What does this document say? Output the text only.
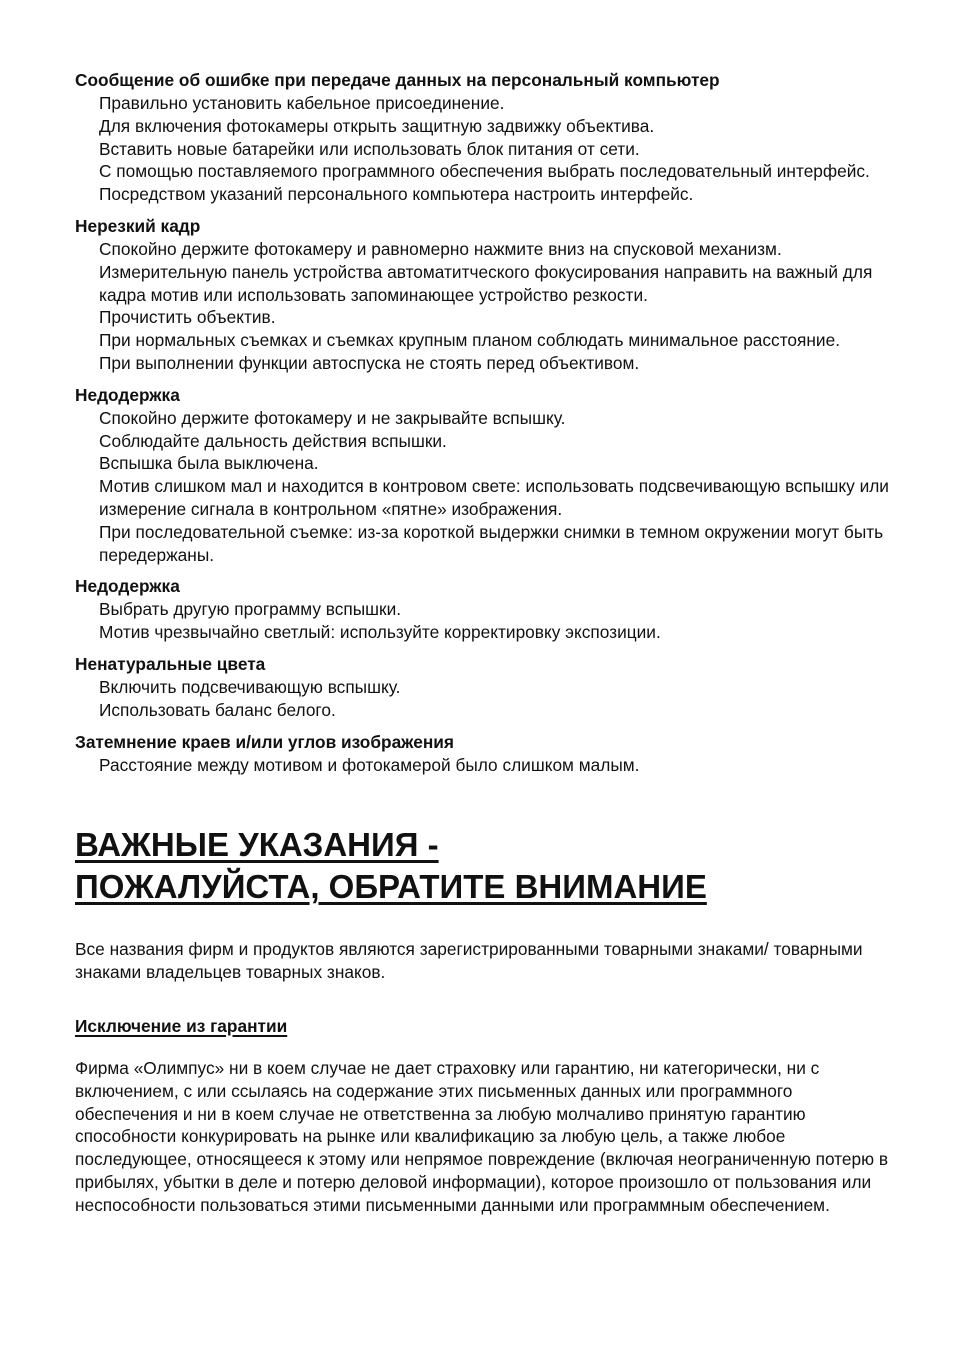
Сообщение об ошибке при передаче данных на персональный компьютер
Правильно установить кабельное присоединение.
Для включения фотокамеры открыть защитную задвижку объектива.
Вставить новые батарейки или использовать блок питания от сети.
С помощью поставляемого программного обеспечения выбрать последовательный интерфейс.
Посредством указаний персонального компьютера настроить интерфейс.
Нерезкий кадр
Спокойно держите фотокамеру и равномерно нажмите вниз на спусковой механизм.
Измерительную панель устройства автоматитческого фокусирования направить на важный для кадра мотив или использовать запоминающее устройство резкости.
Прочистить объектив.
При нормальных съемках и съемках крупным планом соблюдать минимальное расстояние.
При выполнении функции автоспуска не стоять перед объективом.
Недодержка
Спокойно держите фотокамеру и не закрывайте вспышку.
Соблюдайте дальность действия вспышки.
Вспышка была выключена.
Мотив слишком мал и находится в контровом свете: использовать подсвечивающую вспышку или измерение сигнала в контрольном «пятне» изображения.
При последовательной съемке: из-за короткой выдержки снимки в темном окружении могут быть передержаны.
Недодержка
Выбрать другую программу вспышки.
Мотив чрезвычайно светлый: используйте корректировку экспозиции.
Ненатуральные цвета
Включить подсвечивающую вспышку.
Использовать баланс белого.
Затемнение краев и/или углов изображения
Расстояние между мотивом и фотокамерой было слишком малым.
ВАЖНЫЕ УКАЗАНИЯ -
ПОЖАЛУЙСТА, ОБРАТИТЕ ВНИМАНИЕ
Все названия фирм и продуктов являются зарегистрированными товарными знаками/ товарными знаками владельцев товарных знаков.
Исключение из гарантии
Фирма «Олимпус» ни в коем случае не дает страховку или гарантию, ни категорически, ни с включением, с или ссылаясь на содержание этих письменных данных или программного обеспечения и ни в коем случае не ответственна за любую молчаливо принятую гарантию способности конкурировать на рынке или квалификацию за любую цель, а также любое последующее, относящееся к этому или непрямое повреждение (включая неограниченную потерю в прибылях, убытки в деле и потерю деловой информации), которое произошло от пользования или неспособности пользоваться этими письменными данными или программным обеспечением.
